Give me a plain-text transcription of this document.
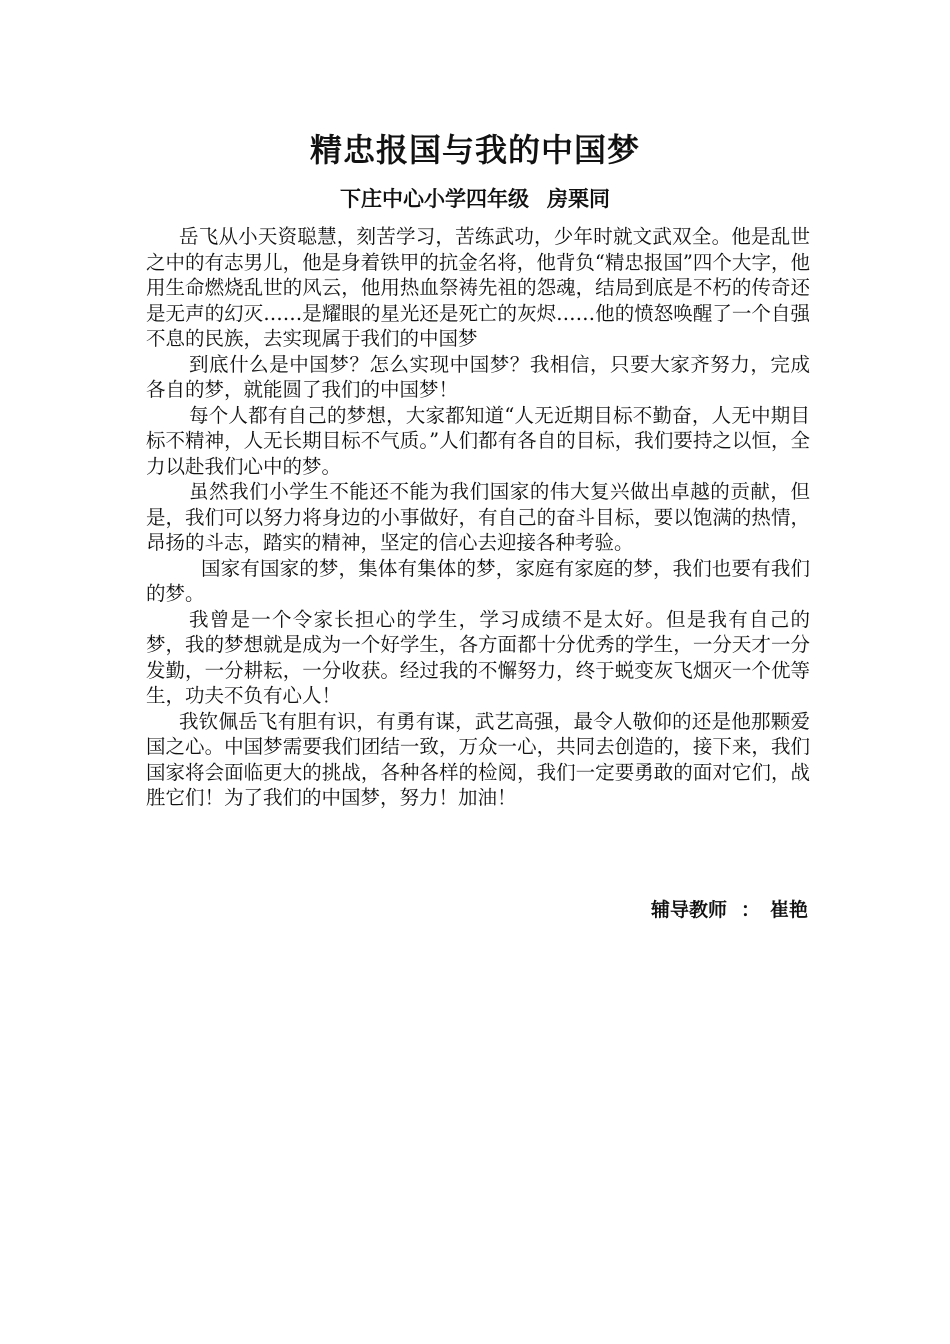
精忠报国与我的中国梦
下庄中心小学四年级 房栗同

岳飞从小天资聪慧，刻苦学习，苦练武功，少年时就文武双全。他是乱世之中的有志男儿，他是身着铁甲的抗金名将，他背负“精忠报国”四个大字，他用生命燃烧乱世的风云，他用热血祭祷先祖的怨魂，结局到底是不朽的传奇还是无声的幻灭……是耀眼的星光还是死亡的灰烬……他的愤怒唤醒了一个自强不息的民族，去实现属于我们的中国梦

到底什么是中国梦？怎么实现中国梦？我相信，只要大家齐努力，完成各自的梦，就能圆了我们的中国梦！

每个人都有自己的梦想，大家都知道“人无近期目标不勤奋，人无中期目标不精神，人无长期目标不气质。”人们都有各自的目标，我们要持之以恒，全力以赴我们心中的梦。

虽然我们小学生不能还不能为我们国家的伟大复兴做出卓越的贡献，但是，我们可以努力将身边的小事做好，有自己的奋斗目标，要以饱满的热情，昂扬的斗志，踏实的精神，坚定的信心去迎接各种考验。

国家有国家的梦，集体有集体的梦，家庭有家庭的梦，我们也要有我们的梦。

我曾是一个令家长担心的学生，学习成绩不是太好。但是我有自己的梦，我的梦想就是成为一个好学生，各方面都十分优秀的学生，一分天才一分发勤，一分耕耘，一分收获。经过我的不懈努力，终于蜕变灰飞烟灭一个优等生，功夫不负有心人！

我钦佩岳飞有胆有识，有勇有谋，武艺高强，最令人敬仰的还是他那颗爱国之心。中国梦需要我们团结一致，万众一心，共同去创造的，接下来，我们国家将会面临更大的挑战，各种各样的检阅，我们一定要勇敢的面对它们，战胜它们！为了我们的中国梦，努力！加油！

辅导教师 ： 崔艳
